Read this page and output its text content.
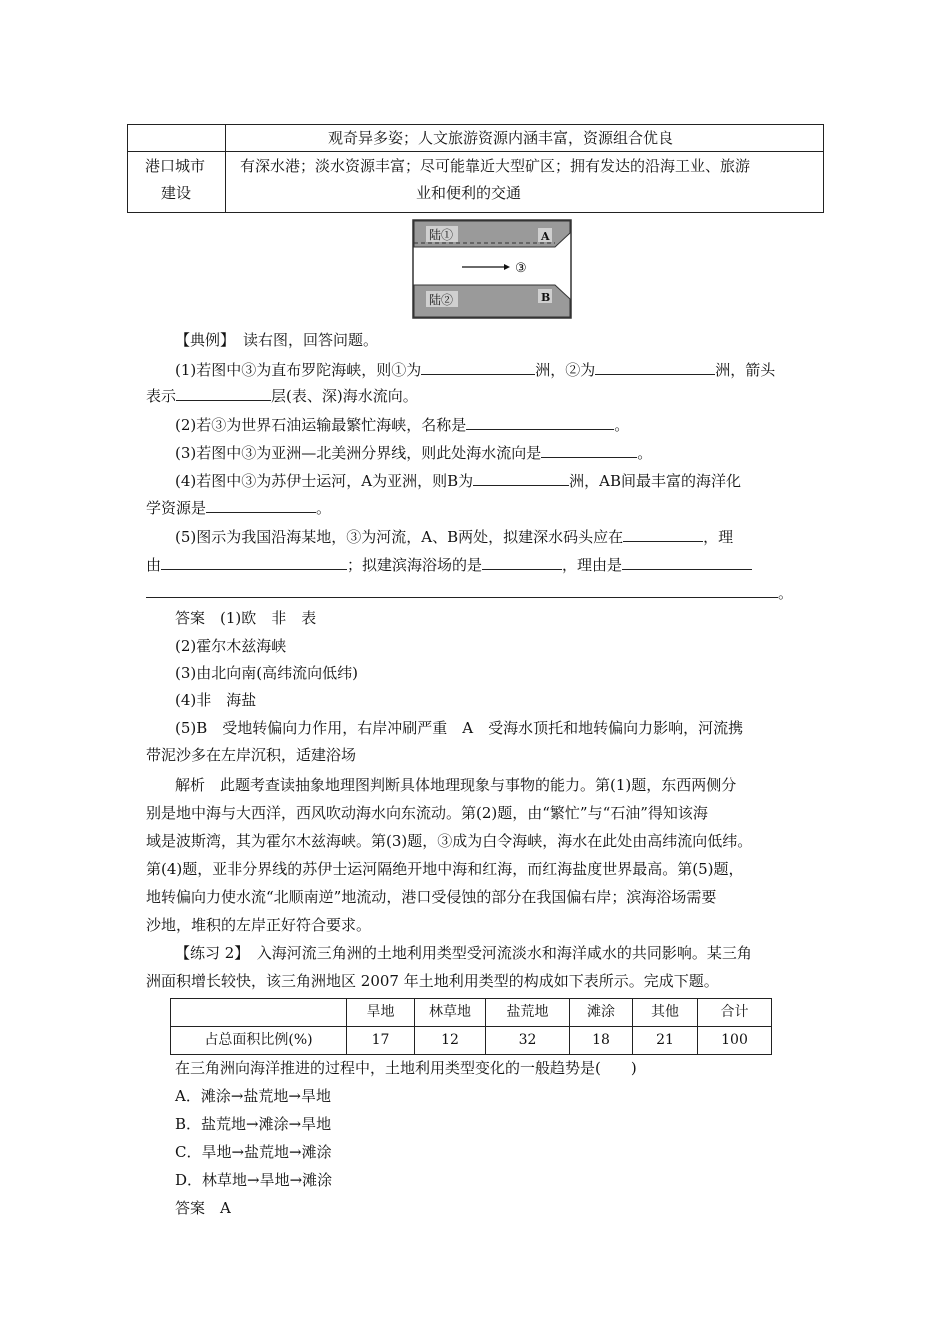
观奇异多姿；人文旅游资源内涵丰富，资源组合优良
港口城市
建设
有深水港；淡水资源丰富；尽可能靠近大型矿区；拥有发达的沿海工业、旅游
业和便利的交通
陆①	A
③
陆②	B
【典例】 读右图，回答问题。
(1)若图中③为直布罗陀海峡，则①为	洲，②为	洲，箭头
表示	层(表、深)海水流向。
(2)若③为世界石油运输最繁忙海峡，名称是	。
(3)若图中③为亚洲—北美洲分界线，则此处海水流向是	。
(4)若图中③为苏伊士运河，A为亚洲，则B为	洲，AB间最丰富的海洋化
学资源是	。
(5)图示为我国沿海某地，③为河流，A、B两处，拟建深水码头应在	，理
由	；拟建滨海浴场的是	，理由是
。
答案　(1)欧　非　表
(2)霍尔木兹海峡
(3)由北向南(高纬流向低纬)
(4)非　海盐
(5)B　受地转偏向力作用，右岸冲刷严重　A　受海水顶托和地转偏向力影响，河流携
带泥沙多在左岸沉积，适建浴场
解析　此题考查读抽象地理图判断具体地理现象与事物的能力。第(1)题，东西两侧分
别是地中海与大西洋，西风吹动海水向东流动。第(2)题，由“繁忙”与“石油”得知该海
域是波斯湾，其为霍尔木兹海峡。第(3)题，③成为白令海峡，海水在此处由高纬流向低纬。
第(4)题，亚非分界线的苏伊士运河隔绝开地中海和红海，而红海盐度世界最高。第(5)题，
地转偏向力使水流“北顺南逆”地流动，港口受侵蚀的部分在我国偏右岸；滨海浴场需要
沙地，堆积的左岸正好符合要求。
【练习 2】　入海河流三角洲的土地利用类型受河流淡水和海洋咸水的共同影响。某三角
洲面积增长较快，该三角洲地区 2007 年土地利用类型的构成如下表所示。完成下题。
	旱地	林草地	盐荒地	滩涂	其他	合计
占总面积比例(%)	17	12	32	18	21	100
在三角洲向海洋推进的过程中，土地利用类型变化的一般趋势是(　　)
A．滩涂→盐荒地→旱地
B．盐荒地→滩涂→旱地
C．旱地→盐荒地→滩涂
D．林草地→旱地→滩涂
答案　A
